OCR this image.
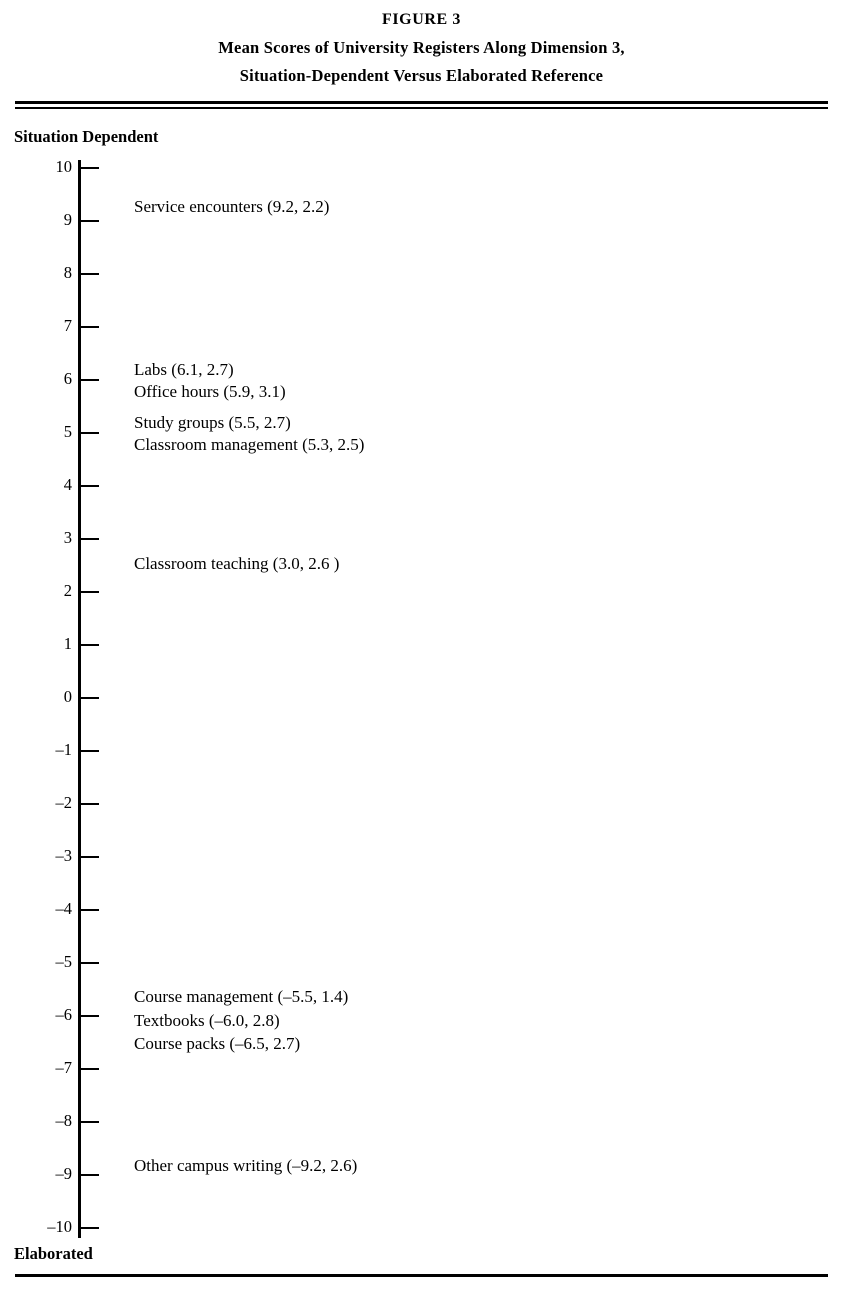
FIGURE 3
Mean Scores of University Registers Along Dimension 3,
Situation-Dependent Versus Elaborated Reference
Situation Dependent
10
9
8
7
6
5
4
3
2
1
0
–1
–2
–3
–4
–5
–6
–7
–8
–9
–10
Service encounters (9.2, 2.2)
Labs (6.1, 2.7)
Office hours (5.9, 3.1)
Study groups (5.5, 2.7)
Classroom management (5.3, 2.5)
Classroom teaching (3.0, 2.6 )
Course management (–5.5, 1.4)
Textbooks (–6.0, 2.8)
Course packs (–6.5, 2.7)
Other campus writing (–9.2, 2.6)
Elaborated
